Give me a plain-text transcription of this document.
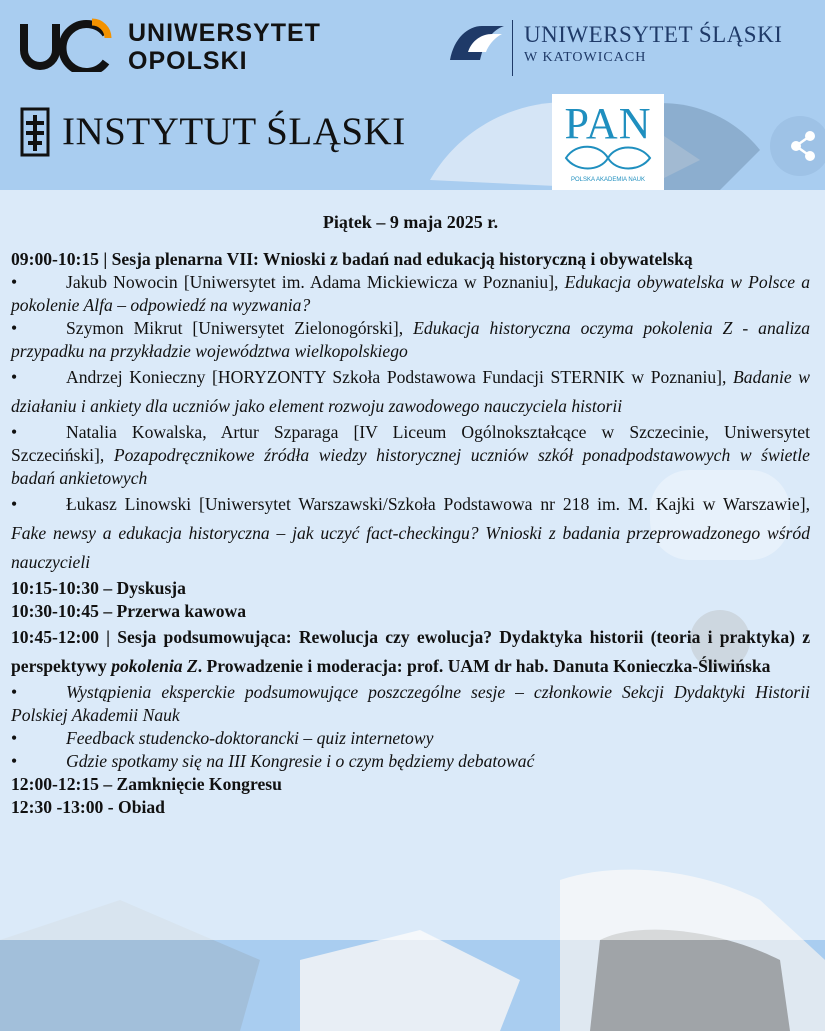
UNIWERSYTET
OPOLSKI
UNIWERSYTET ŚLĄSKI
W KATOWICACH
INSTYTUT ŚLĄSKI	PAN
POLSKA AKADEMIA NAUK
Piątek – 9 maja 2025 r.

09:00-10:15 | Sesja plenarna VII: Wnioski z badań nad edukacją historyczną i obywatelską

•	Jakub Nowocin [Uniwersytet im. Adama Mickiewicza w Poznaniu], Edukacja obywatelska w Polsce a pokolenie Alfa – odpowiedź na wyzwania?

•	Szymon Mikrut [Uniwersytet Zielonogórski], Edukacja historyczna oczyma pokolenia Z - analiza przypadku na przykładzie województwa wielkopolskiego

•	Andrzej Konieczny [HORYZONTY Szkoła Podstawowa Fundacji STERNIK w Poznaniu], Badanie w działaniu i ankiety dla uczniów jako element rozwoju zawodowego nauczyciela historii

•	Natalia Kowalska, Artur Szparaga [IV Liceum Ogólnokształcące w Szczecinie, Uniwersytet Szczeciński], Pozapodręcznikowe źródła wiedzy historycznej uczniów szkół ponadpodstawowych w świetle badań ankietowych

•	Łukasz Linowski [Uniwersytet Warszawski/Szkoła Podstawowa nr 218 im. M. Kajki w Warszawie], Fake newsy a edukacja historyczna – jak uczyć fact-checkingu? Wnioski z badania przeprowadzonego wśród nauczycieli

10:15-10:30 – Dyskusja

10:30-10:45 – Przerwa kawowa

10:45-12:00 | Sesja podsumowująca: Rewolucja czy ewolucja? Dydaktyka historii (teoria i praktyka) z perspektywy pokolenia Z. Prowadzenie i moderacja: prof. UAM dr hab. Danuta Konieczka-Śliwińska

•	Wystąpienia eksperckie podsumowujące poszczególne sesje – członkowie Sekcji Dydaktyki Historii Polskiej Akademii Nauk

•	Feedback studencko-doktorancki – quiz internetowy

•	Gdzie spotkamy się na III Kongresie i o czym będziemy debatować

12:00-12:15 – Zamknięcie Kongresu

12:30 -13:00 - Obiad
